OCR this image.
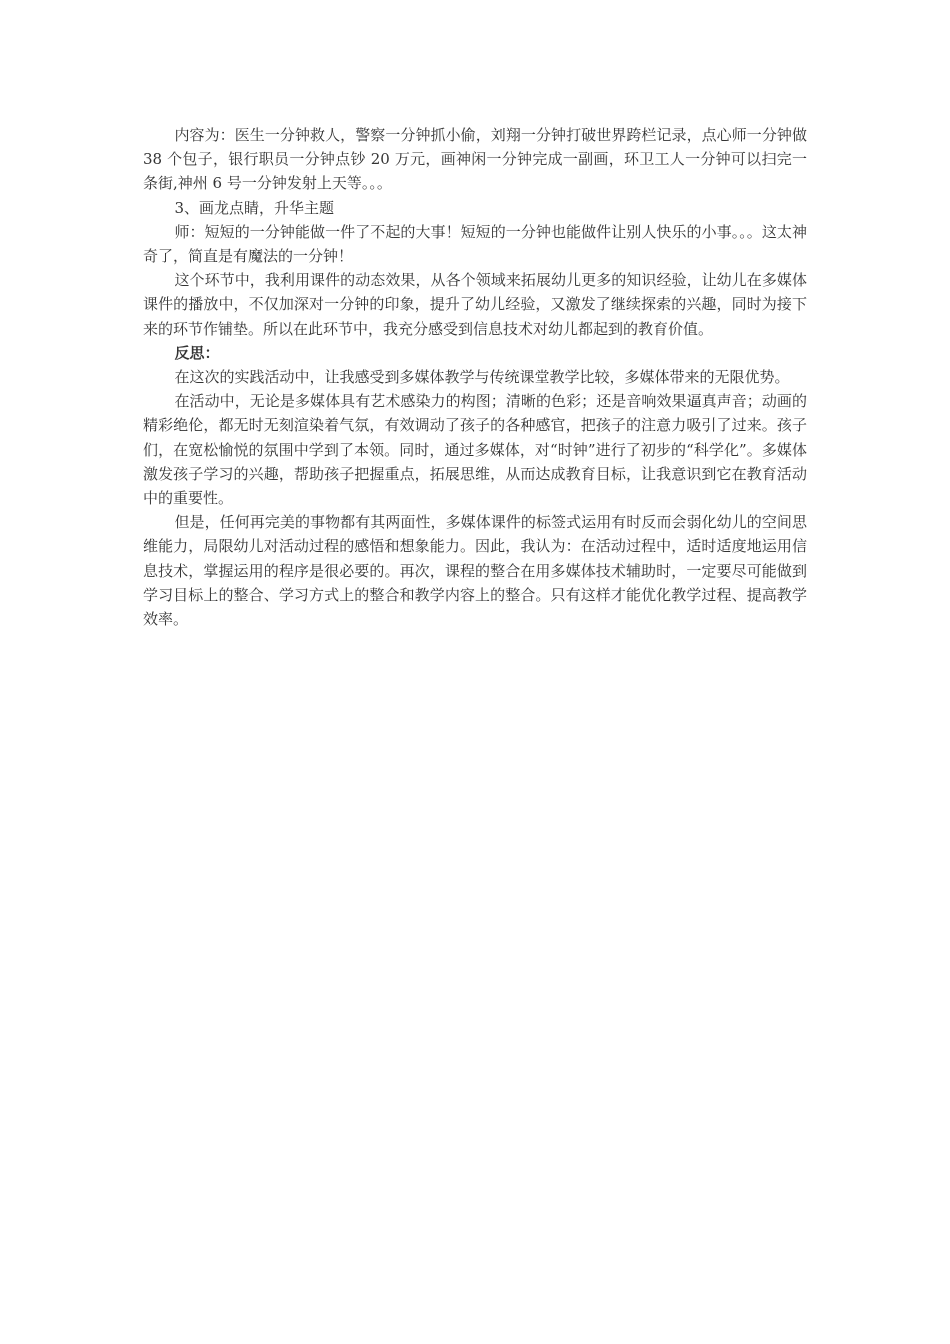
内容为：医生一分钟救人，警察一分钟抓小偷，刘翔一分钟打破世界跨栏记录，点心师一分钟做 38 个包子，银行职员一分钟点钞 20 万元，画神闲一分钟完成一副画，环卫工人一分钟可以扫完一条街,神州 6 号一分钟发射上天等。。。

3、画龙点睛，升华主题

师：短短的一分钟能做一件了不起的大事！短短的一分钟也能做件让别人快乐的小事。。。这太神奇了，简直是有魔法的一分钟！

这个环节中，我利用课件的动态效果，从各个领域来拓展幼儿更多的知识经验，让幼儿在多媒体课件的播放中，不仅加深对一分钟的印象，提升了幼儿经验，又激发了继续探索的兴趣，同时为接下来的环节作铺垫。所以在此环节中，我充分感受到信息技术对幼儿都起到的教育价值。

反思：

在这次的实践活动中，让我感受到多媒体教学与传统课堂教学比较，多媒体带来的无限优势。

在活动中，无论是多媒体具有艺术感染力的构图；清晰的色彩；还是音响效果逼真声音；动画的精彩绝伦，都无时无刻渲染着气氛，有效调动了孩子的各种感官，把孩子的注意力吸引了过来。孩子们，在宽松愉悦的氛围中学到了本领。同时，通过多媒体，对“时钟”进行了初步的“科学化”。多媒体激发孩子学习的兴趣，帮助孩子把握重点，拓展思维，从而达成教育目标，让我意识到它在教育活动中的重要性。

但是，任何再完美的事物都有其两面性，多媒体课件的标签式运用有时反而会弱化幼儿的空间思维能力，局限幼儿对活动过程的感悟和想象能力。因此，我认为：在活动过程中，适时适度地运用信息技术，掌握运用的程序是很必要的。再次，课程的整合在用多媒体技术辅助时，一定要尽可能做到学习目标上的整合、学习方式上的整合和教学内容上的整合。只有这样才能优化教学过程、提高教学效率。
